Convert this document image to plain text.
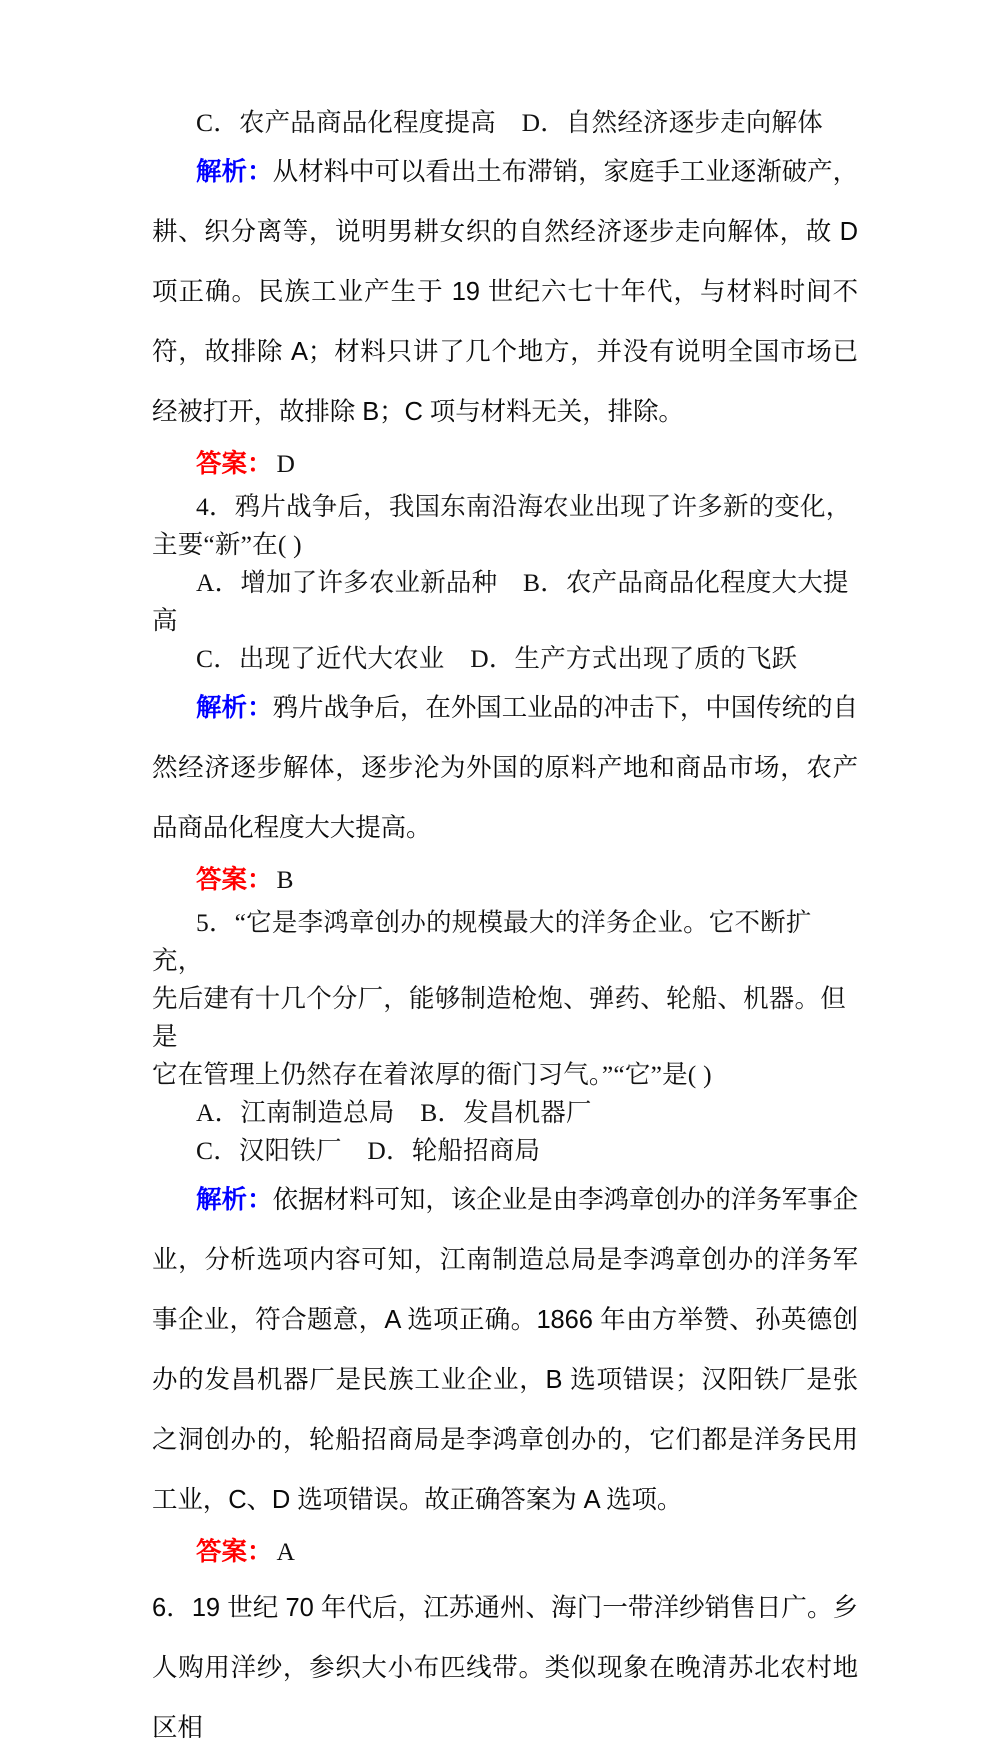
C．农产品商品化程度提高　D．自然经济逐步走向解体
解析：从材料中可以看出土布滞销，家庭手工业逐渐破产，耕、织分离等，说明男耕女织的自然经济逐步走向解体，故 D 项正确。民族工业产生于 19 世纪六七十年代，与材料时间不符，故排除 A；材料只讲了几个地方，并没有说明全国市场已经被打开，故排除 B；C 项与材料无关，排除。
答案： D
4．鸦片战争后，我国东南沿海农业出现了许多新的变化，
主要“新”在( )
A．增加了许多农业新品种　B．农产品商品化程度大大提高
C．出现了近代大农业　D．生产方式出现了质的飞跃
解析：鸦片战争后，在外国工业品的冲击下，中国传统的自然经济逐步解体，逐步沦为外国的原料产地和商品市场，农产品商品化程度大大提高。
答案： B
5．“它是李鸿章创办的规模最大的洋务企业。它不断扩充，
先后建有十几个分厂，能够制造枪炮、弹药、轮船、机器。但是
它在管理上仍然存在着浓厚的衙门习气。”“它”是( )
A．江南制造总局　B．发昌机器厂
C．汉阳铁厂　D．轮船招商局
解析：依据材料可知，该企业是由李鸿章创办的洋务军事企业，分析选项内容可知，江南制造总局是李鸿章创办的洋务军事企业，符合题意，A 选项正确。1866 年由方举赞、孙英德创办的发昌机器厂是民族工业企业，B 选项错误；汉阳铁厂是张之洞创办的，轮船招商局是李鸿章创办的，它们都是洋务民用工业，C、D 选项错误。故正确答案为 A 选项。
答案： A
6．19 世纪 70 年代后，江苏通州、海门一带洋纱销售日广。乡人购用洋纱，参织大小布匹线带。类似现象在晚清苏北农村地区相
